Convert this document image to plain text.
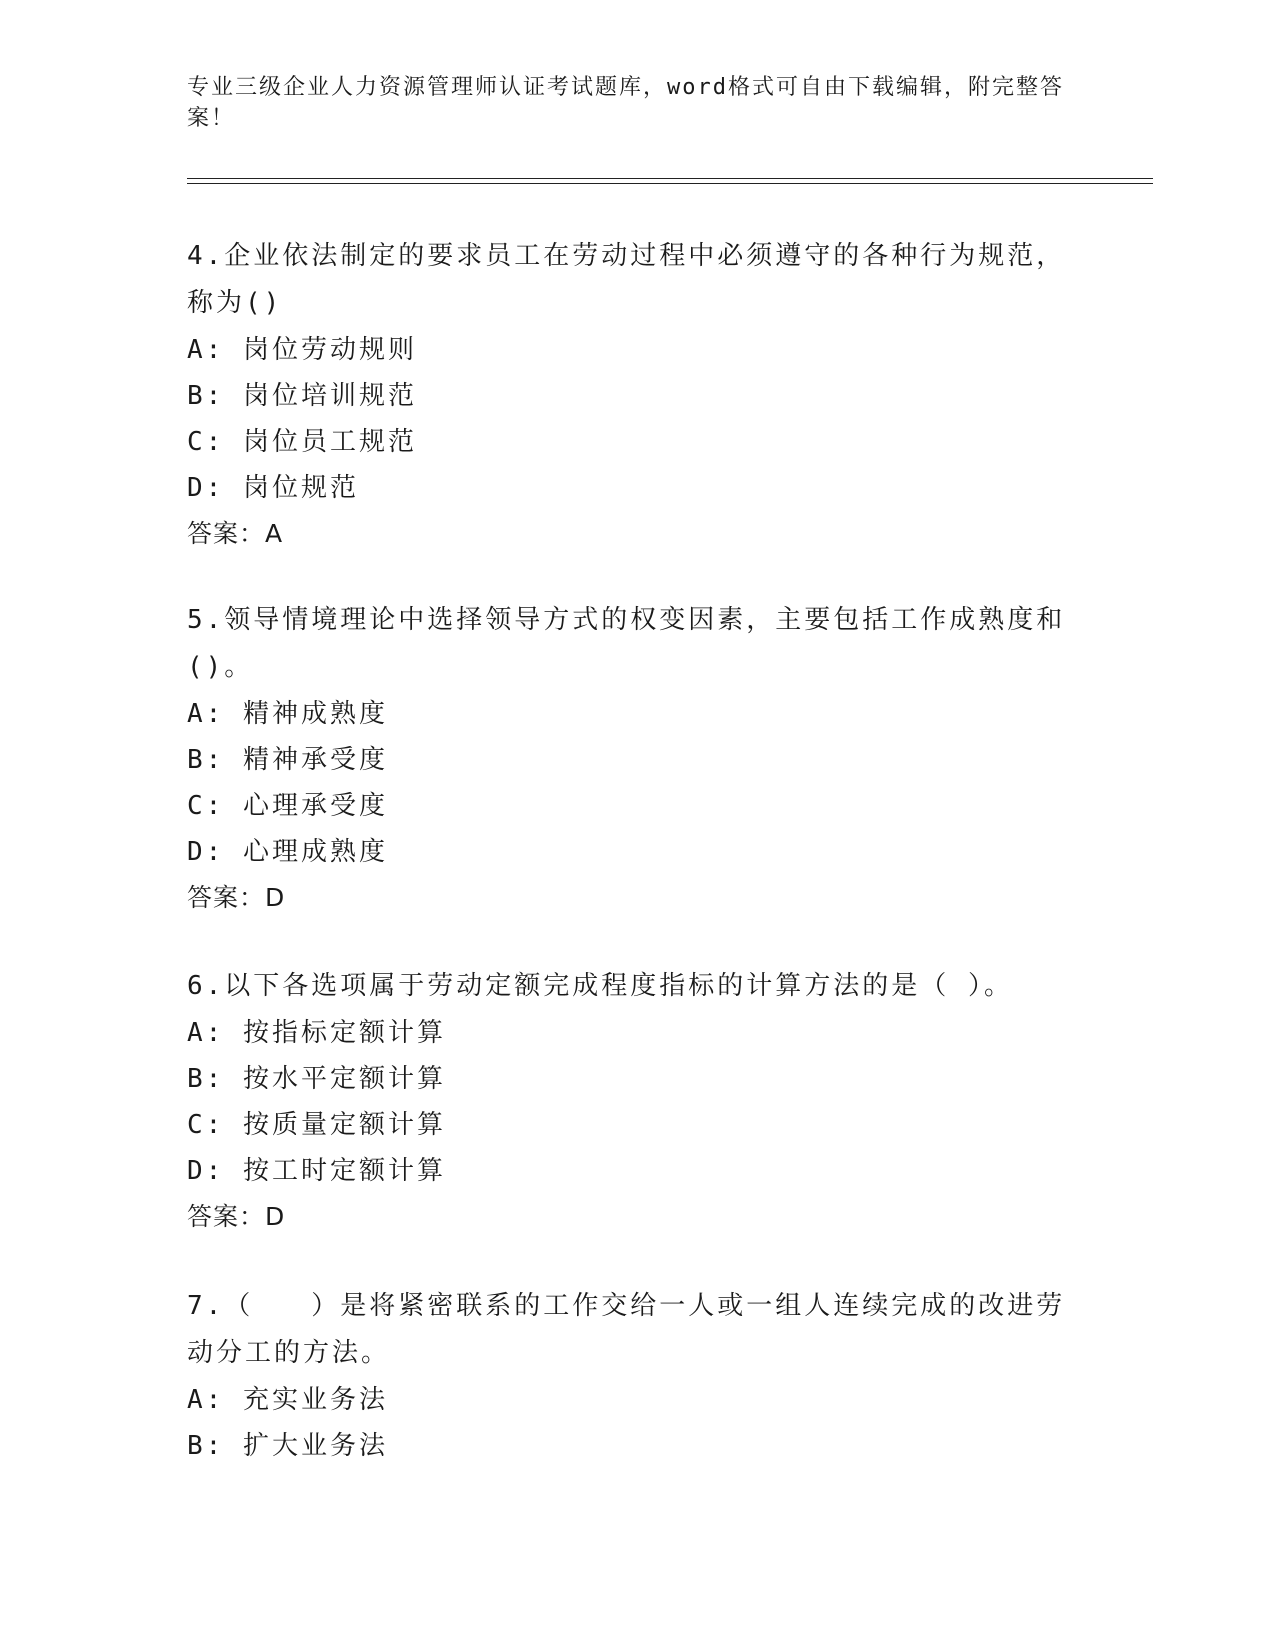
专业三级企业人力资源管理师认证考试题库，word格式可自由下载编辑，附完整答案！
4.企业依法制定的要求员工在劳动过程中必须遵守的各种行为规范，称为()
A: 岗位劳动规则
B: 岗位培训规范
C: 岗位员工规范
D: 岗位规范
答案：A
5.领导情境理论中选择领导方式的权变因素，主要包括工作成熟度和()。
A: 精神成熟度
B: 精神承受度
C: 心理承受度
D: 心理成熟度
答案：D
6.以下各选项属于劳动定额完成程度指标的计算方法的是（ ）。
A: 按指标定额计算
B: 按水平定额计算
C: 按质量定额计算
D: 按工时定额计算
答案：D
7.（　　）是将紧密联系的工作交给一人或一组人连续完成的改进劳动分工的方法。
A: 充实业务法
B: 扩大业务法
